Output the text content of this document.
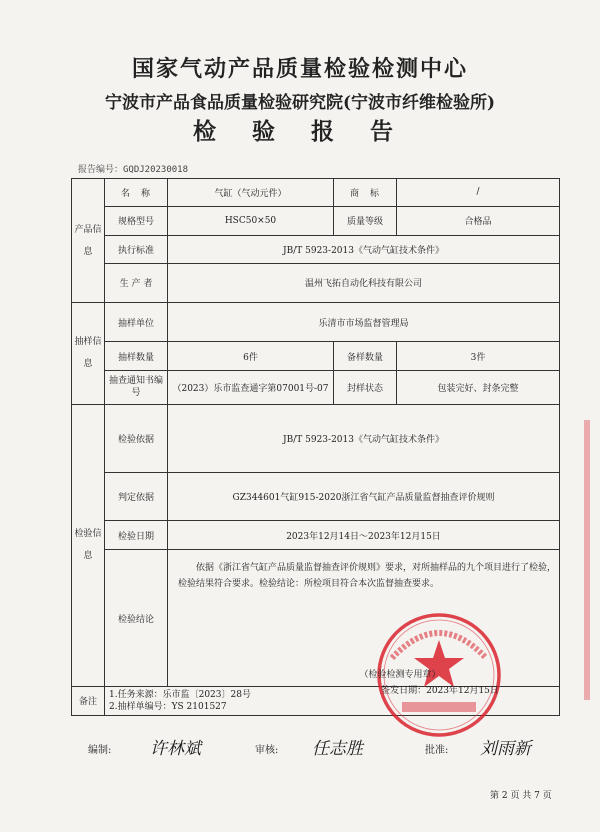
国家气动产品质量检验检测中心
宁波市产品食品质量检验研究院(宁波市纤维检验所)
检 验 报 告
报告编号：GQDJ20230018
产品信息	名　称	气缸（气动元件）	商　标	/
	规格型号	HSC50×50	质量等级	合格品
	执行标准	JB/T 5923-2013《气动气缸技术条件》		
	生 产 者	温州飞拓自动化科技有限公司		
抽样信息	抽样单位	乐清市市场监督管理局		
	抽样数量	6件	备样数量	3件
	抽查通知书编号	（2023）乐市监查通字第07001号-07	封样状态	包装完好、封条完整
检验信息	检验依据	JB/T 5923-2013《气动气缸技术条件》		
	判定依据	GZ344601气缸915-2020浙江省气缸产品质量监督抽查评价规则		
	检验日期	2023年12月14日～2023年12月15日		
	检验结论	依据《浙江省气缸产品质量监督抽查评价规则》要求，对所抽样品的九个项目进行了检验，检验结果符合要求。检验结论：所检项目符合本次监督抽查要求。		

备注	1.任务来源：乐市监〔2023〕28号
2.抽样单编号：YS 2101527			
（检验检测专用章）
签发日期：2023年12月15日
编制: 许林斌	审核: 任志胜	批准: 刘雨新
第 2 页 共 7 页
